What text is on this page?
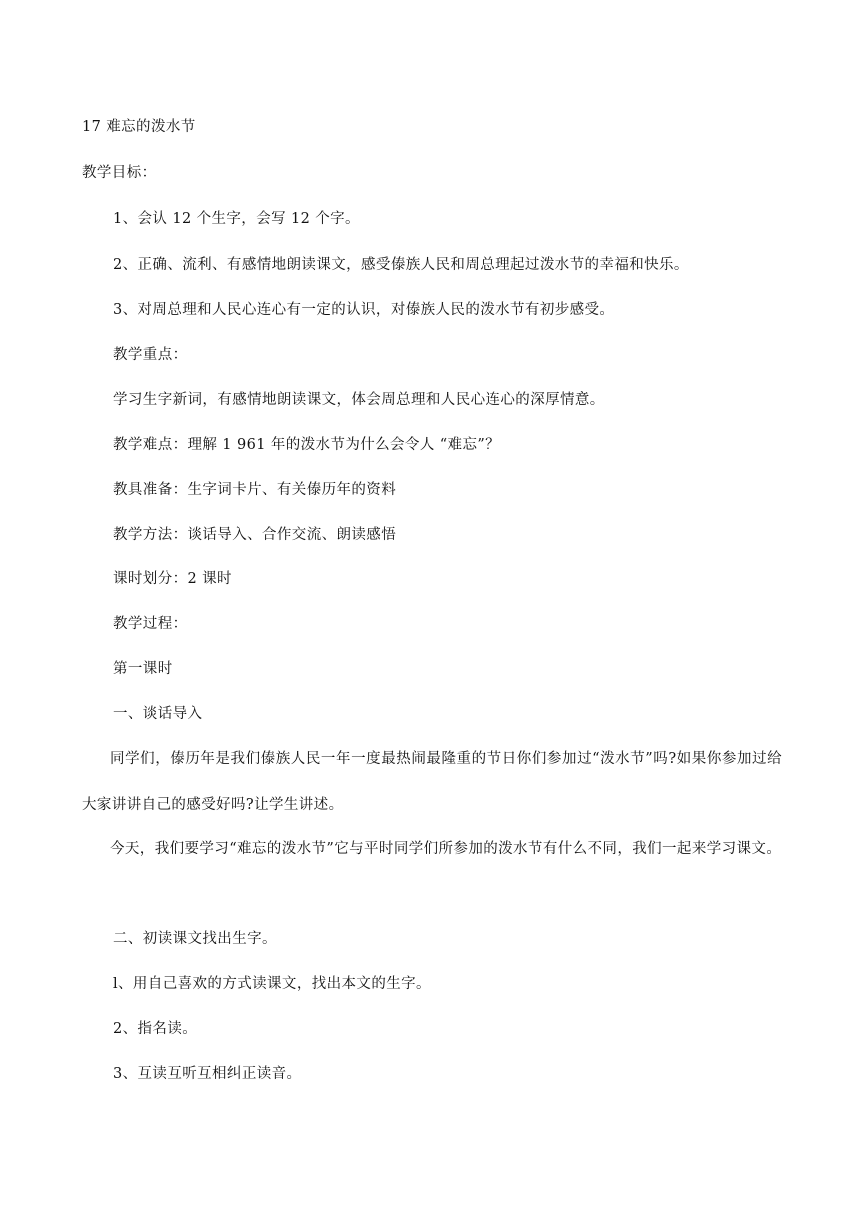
17 难忘的泼水节
教学目标：
1、会认 12 个生字，会写 12 个字。
2、正确、流利、有感情地朗读课文，感受傣族人民和周总理起过泼水节的幸福和快乐。
3、对周总理和人民心连心有一定的认识，对傣族人民的泼水节有初步感受。
教学重点：
学习生字新词，有感情地朗读课文，体会周总理和人民心连心的深厚情意。
教学难点：理解 1 961 年的泼水节为什么会令人 “难忘”？
教具准备：生字词卡片、有关傣历年的资料
教学方法：谈话导入、合作交流、朗读感悟
课时划分：2 课时
教学过程：
第一课时
一、谈话导入
同学们，傣历年是我们傣族人民一年一度最热闹最隆重的节日你们参加过“泼水节”吗?如果你参加过给大家讲讲自己的感受好吗?让学生讲述。
今天，我们要学习“难忘的泼水节”它与平时同学们所参加的泼水节有什么不同，我们一起来学习课文。
二、初读课文找出生字。
l、用自己喜欢的方式读课文，找出本文的生字。
2、指名读。
3、互读互听互相纠正读音。
